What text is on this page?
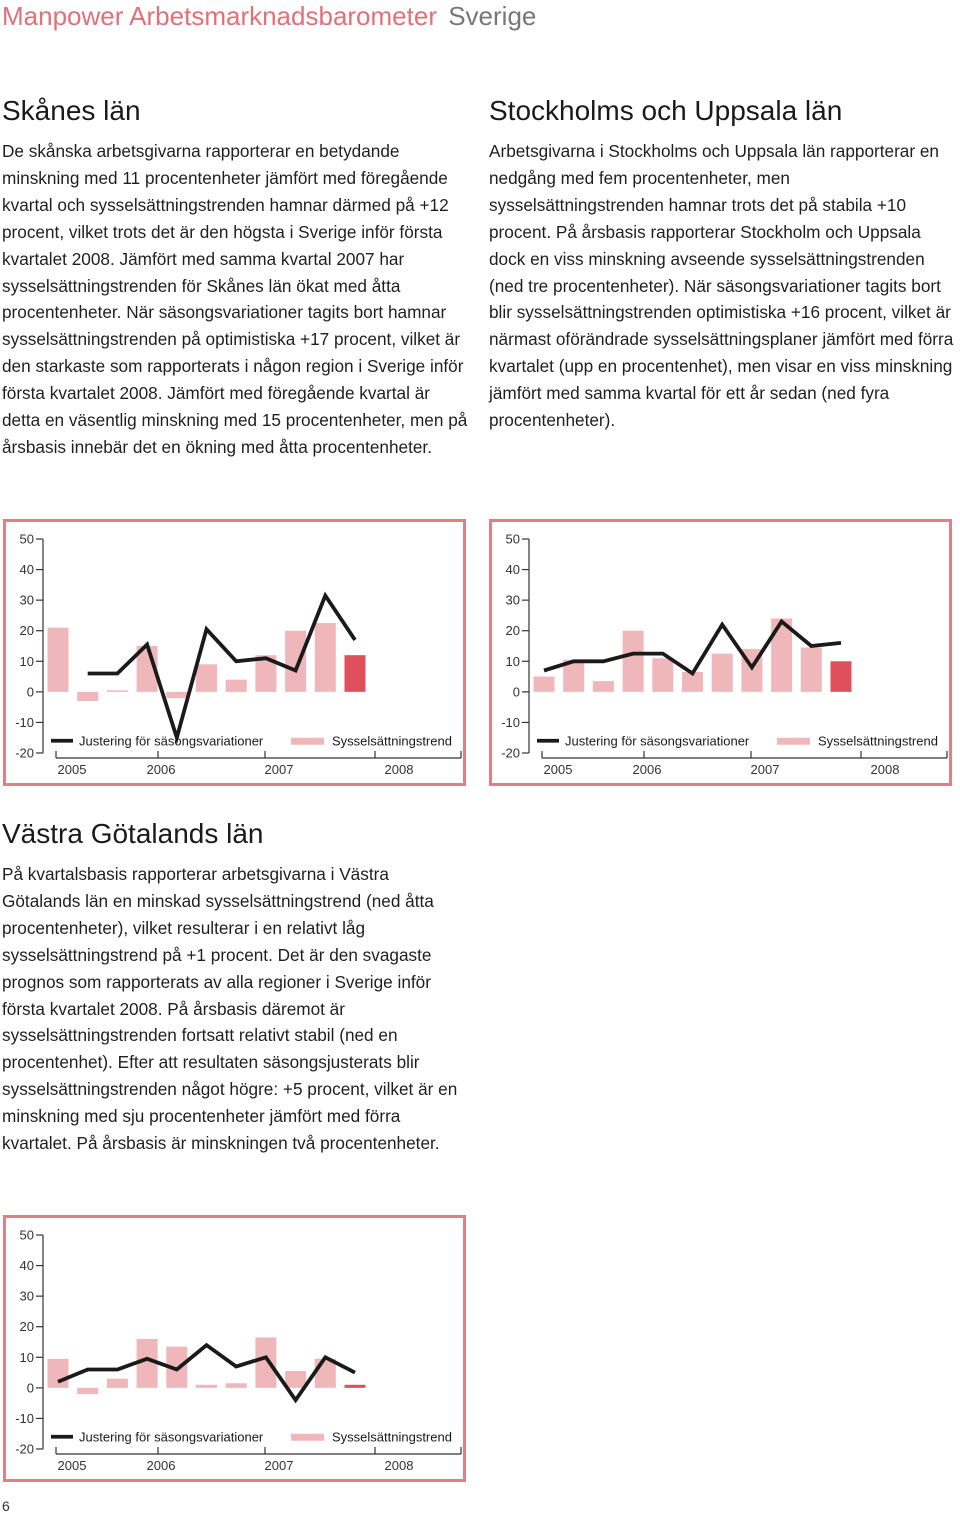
Manpower Arbetsmarknadsbarometer Sverige
Skånes län

De skånska arbetsgivarna rapporterar en betydande minskning med 11 procentenheter jämfört med föregående kvartal och sysselsättningstrenden hamnar därmed på +12 procent, vilket trots det är den högsta i Sverige inför första kvartalet 2008. Jämfört med samma kvartal 2007 har sysselsättningstrenden för Skånes län ökat med åtta procentenheter. När säsongsvariationer tagits bort hamnar sysselsättningstrenden på optimistiska +17 procent, vilket är den starkaste som rapporterats i någon region i Sverige inför första kvartalet 2008. Jämfört med föregående kvartal är detta en väsentlig minskning med 15 procentenheter, men på årsbasis innebär det en ökning med åtta procentenheter.

Stockholms och Uppsala län

Arbetsgivarna i Stockholms och Uppsala län rapporterar en nedgång med fem procentenheter, men sysselsättningstrenden hamnar trots det på stabila +10 procent. På årsbasis rapporterar Stockholm och Uppsala dock en viss minskning avseende sysselsättningstrenden (ned tre procentenheter). När säsongsvariationer tagits bort blir sysselsättningstrenden optimistiska +16 procent, vilket är närmast oförändrade sysselsättningsplaner jämfört med förra kvartalet (upp en procentenhet), men visar en viss minskning jämfört med samma kvartal för ett år sedan (ned fyra procentenheter).

50
40
30
20
10
0
-10
-20
Justering för säsongsvariationer	Sysselsättningstrend
2005	2006	2007	2008
50
40
30
20
10
0
-10
-20
Justering för säsongsvariationer	Sysselsättningstrend
2005	2006	2007	2008
Västra Götalands län

På kvartalsbasis rapporterar arbetsgivarna i Västra Götalands län en minskad sysselsättningstrend (ned åtta procentenheter), vilket resulterar i en relativt låg sysselsättningstrend på +1 procent. Det är den svagaste prognos som rapporterats av alla regioner i Sverige inför första kvartalet 2008. På årsbasis däremot är sysselsättningstrenden fortsatt relativt stabil (ned en procentenhet). Efter att resultaten säsongsjusterats blir sysselsättningstrenden något högre: +5 procent, vilket är en minskning med sju procentenheter jämfört med förra kvartalet. På årsbasis är minskningen två procentenheter.

50
40
30
20
10
0
-10
-20
Justering för säsongsvariationer	Sysselsättningstrend
2005	2006	2007	2008
6
